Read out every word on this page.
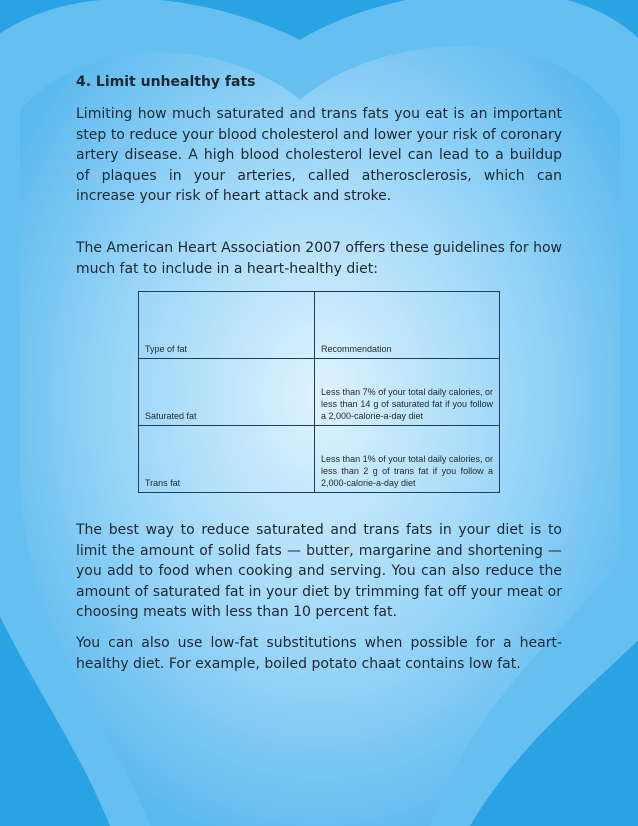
4. Limit unhealthy fats

Limiting how much saturated and trans fats you eat is an important step to reduce your blood cholesterol and lower your risk of coronary artery disease. A high blood cholesterol level can lead to a buildup of plaques in your arteries, called atherosclerosis, which can increase your risk of heart attack and stroke.

The American Heart Association 2007 offers these guidelines for how much fat to include in a heart-healthy diet:

Type of fat	Recommendation
Saturated fat	Less than 7% of your total daily calories, or less than 14 g of saturated fat if you follow a 2,000-calorie-a-day diet
Trans fat	Less than 1% of your total daily calories, or less than 2 g of trans fat if you follow a 2,000-calorie-a-day diet

The best way to reduce saturated and trans fats in your diet is to limit the amount of solid fats — butter, margarine and shortening — you add to food when cooking and serving. You can also reduce the amount of saturated fat in your diet by trimming fat off your meat or choosing meats with less than 10 percent fat.

You can also use low-fat substitutions when possible for a heart-healthy diet. For example, boiled potato chaat contains low fat.
